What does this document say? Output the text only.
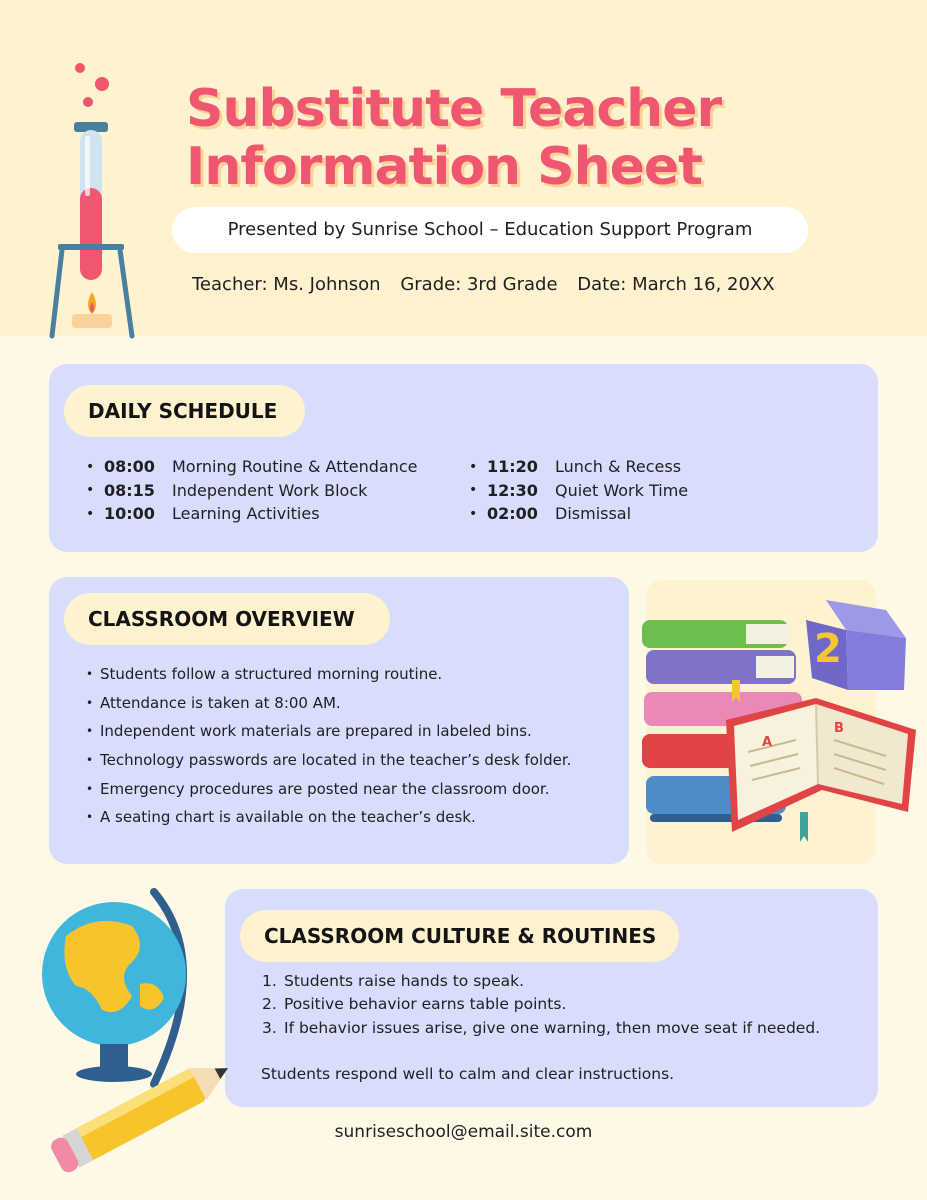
Substitute Teacher
Information Sheet
Presented by Sunrise School – Education Support Program
Teacher: Ms. Johnson Grade: 3rd Grade Date: March 16, 20XX
DAILY SCHEDULE
• 08:00	Morning Routine & Attendance
• 08:15	Independent Work Block
• 10:00	Learning Activities
• 11:20	Lunch & Recess
• 12:30	Quiet Work Time
• 02:00	Dismissal
CLASSROOM OVERVIEW
• Students follow a structured morning routine.
• Attendance is taken at 8:00 AM.
• Independent work materials are prepared in labeled bins.
• Technology passwords are located in the teacher’s desk folder.
• Emergency procedures are posted near the classroom door.
• A seating chart is available on the teacher’s desk.
2
A
B
CLASSROOM CULTURE & ROUTINES
1. Students raise hands to speak.
2. Positive behavior earns table points.
3. If behavior issues arise, give one warning, then move seat if needed.
Students respond well to calm and clear instructions.
sunriseschool@email.site.com
